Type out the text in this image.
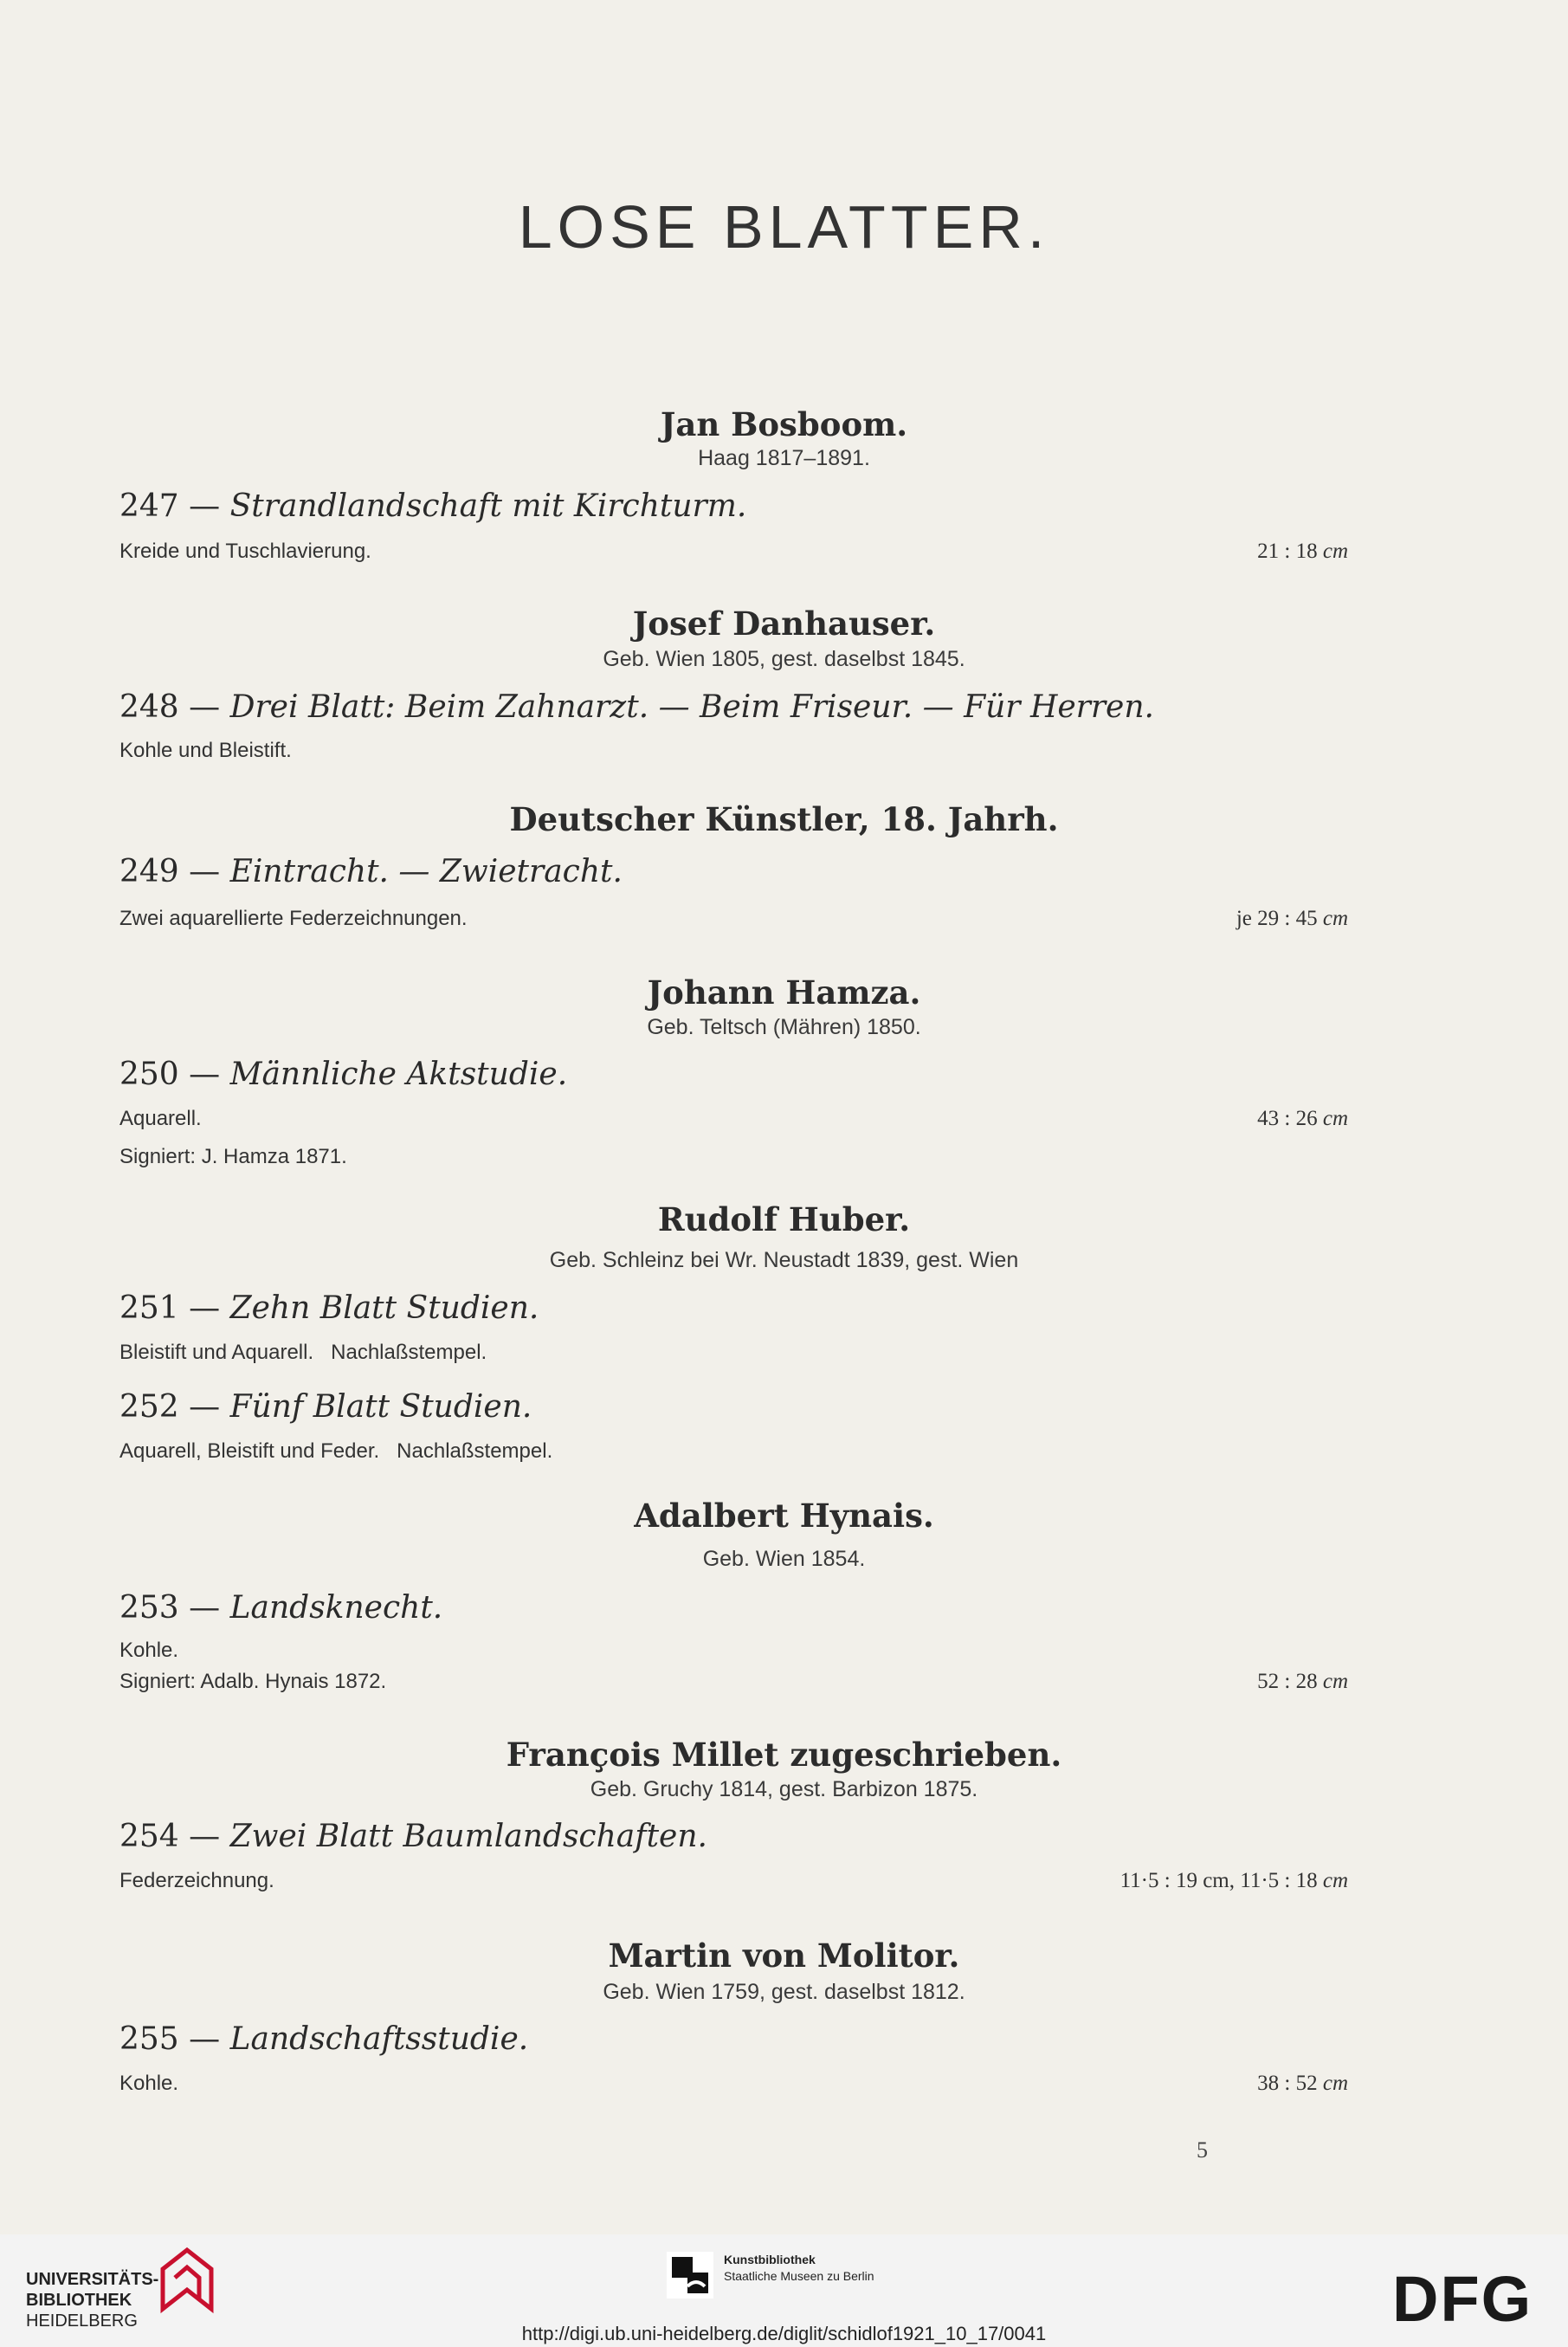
LOSE BLATTER.
Jan Bosboom.
Haag 1817–1891.
247 — Strandlandschaft mit Kirchturm.
Kreide und Tuschlavierung.	21 : 18 cm
Josef Danhauser.
Geb. Wien 1805, gest. daselbst 1845.
248 — Drei Blatt: Beim Zahnarzt. — Beim Friseur. — Für Herren.
Kohle und Bleistift.
Deutscher Künstler, 18. Jahrh.
249 — Eintracht. — Zwietracht.
Zwei aquarellierte Federzeichnungen.	je 29 : 45 cm
Johann Hamza.
Geb. Teltsch (Mähren) 1850.
250 — Männliche Aktstudie.
Aquarell.	43 : 26 cm
Signiert: J. Hamza 1871.
Rudolf Huber.
Geb. Schleinz bei Wr. Neustadt 1839, gest. Wien
251 — Zehn Blatt Studien.
Bleistift und Aquarell.   Nachlaßstempel.
252 — Fünf Blatt Studien.
Aquarell, Bleistift und Feder.   Nachlaßstempel.
Adalbert Hynais.
Geb. Wien 1854.
253 — Landsknecht.
Kohle.
Signiert: Adalb. Hynais 1872.	52 : 28 cm
François Millet zugeschrieben.
Geb. Gruchy 1814, gest. Barbizon 1875.
254 — Zwei Blatt Baumlandschaften.
Federzeichnung.	11·5 : 19 cm, 11·5 : 18 cm
Martin von Molitor.
Geb. Wien 1759, gest. daselbst 1812.
255 — Landschaftsstudie.
Kohle.	38 : 52 cm
5
UNIVERSITÄTS-
BIBLIOTHEK
HEIDELBERG
Kunstbibliothek
Staatliche Museen zu Berlin	DFG
http://digi.ub.uni-heidelberg.de/diglit/schidlof1921_10_17/0041
